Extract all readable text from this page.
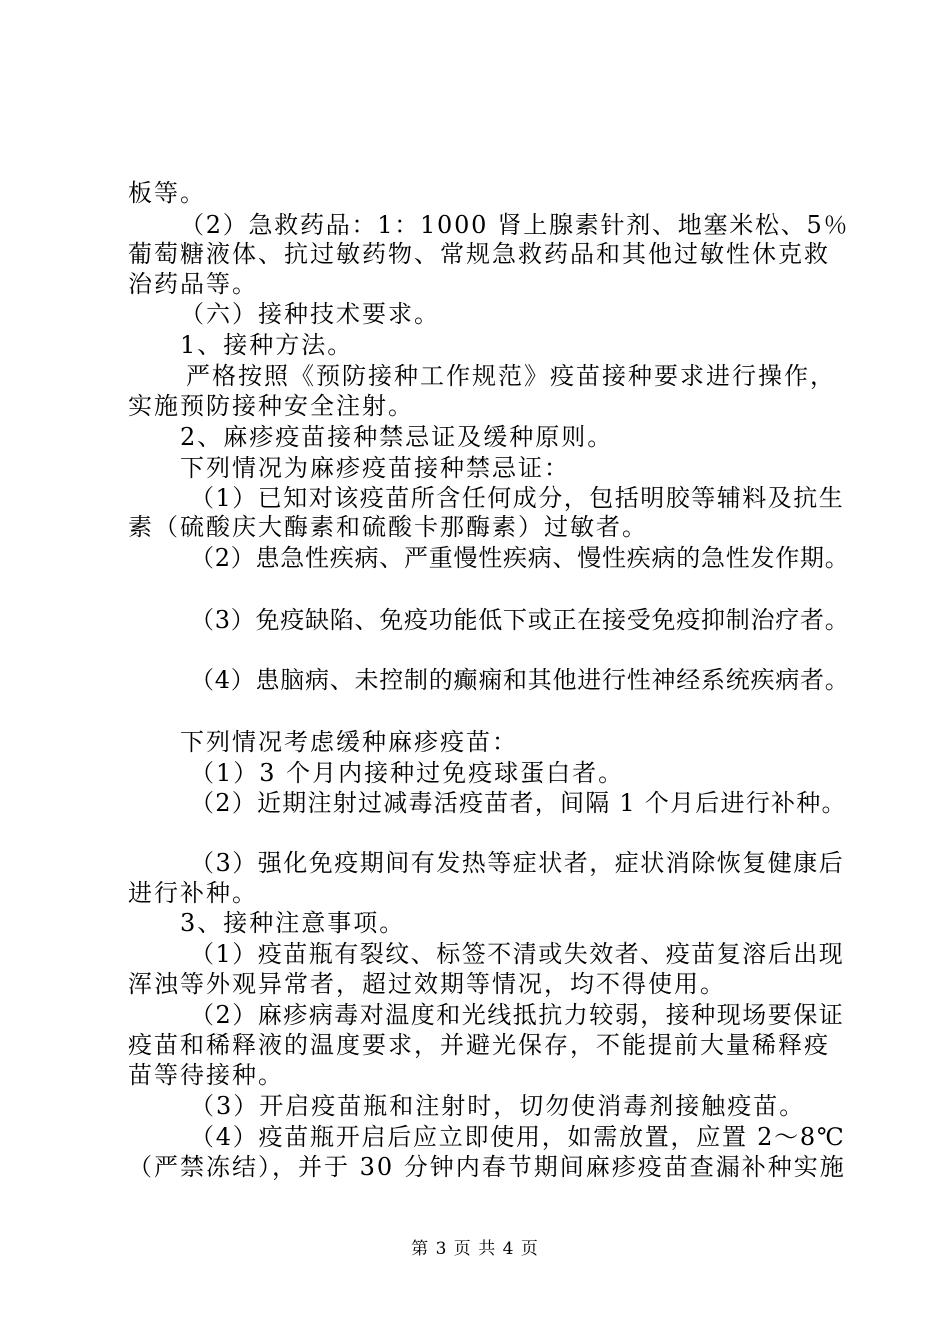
板等。
（2）急救药品：1：1000 肾上腺素针剂、地塞米松、5％
葡萄糖液体、抗过敏药物、常规急救药品和其他过敏性休克救
治药品等。
（六）接种技术要求。
1、接种方法。
严格按照《预防接种工作规范》疫苗接种要求进行操作，
实施预防接种安全注射。
2、麻疹疫苗接种禁忌证及缓种原则。
下列情况为麻疹疫苗接种禁忌证：
（1）已知对该疫苗所含任何成分，包括明胶等辅料及抗生
素（硫酸庆大酶素和硫酸卡那酶素）过敏者。
（2）患急性疾病、严重慢性疾病、慢性疾病的急性发作期。
（3）免疫缺陷、免疫功能低下或正在接受免疫抑制治疗者。
（4）患脑病、未控制的癫痫和其他进行性神经系统疾病者。
下列情况考虑缓种麻疹疫苗：
（1）3 个月内接种过免疫球蛋白者。
（2）近期注射过减毒活疫苗者，间隔 1 个月后进行补种。
（3）强化免疫期间有发热等症状者，症状消除恢复健康后
进行补种。
3、接种注意事项。
（1）疫苗瓶有裂纹、标签不清或失效者、疫苗复溶后出现
浑浊等外观异常者，超过效期等情况，均不得使用。
（2）麻疹病毒对温度和光线抵抗力较弱，接种现场要保证
疫苗和稀释液的温度要求，并避光保存，不能提前大量稀释疫
苗等待接种。
（3）开启疫苗瓶和注射时，切勿使消毒剂接触疫苗。
（4）疫苗瓶开启后应立即使用，如需放置，应置 2～8℃
（严禁冻结），并于 30 分钟内春节期间麻疹疫苗查漏补种实施
第 3 页 共 4 页
